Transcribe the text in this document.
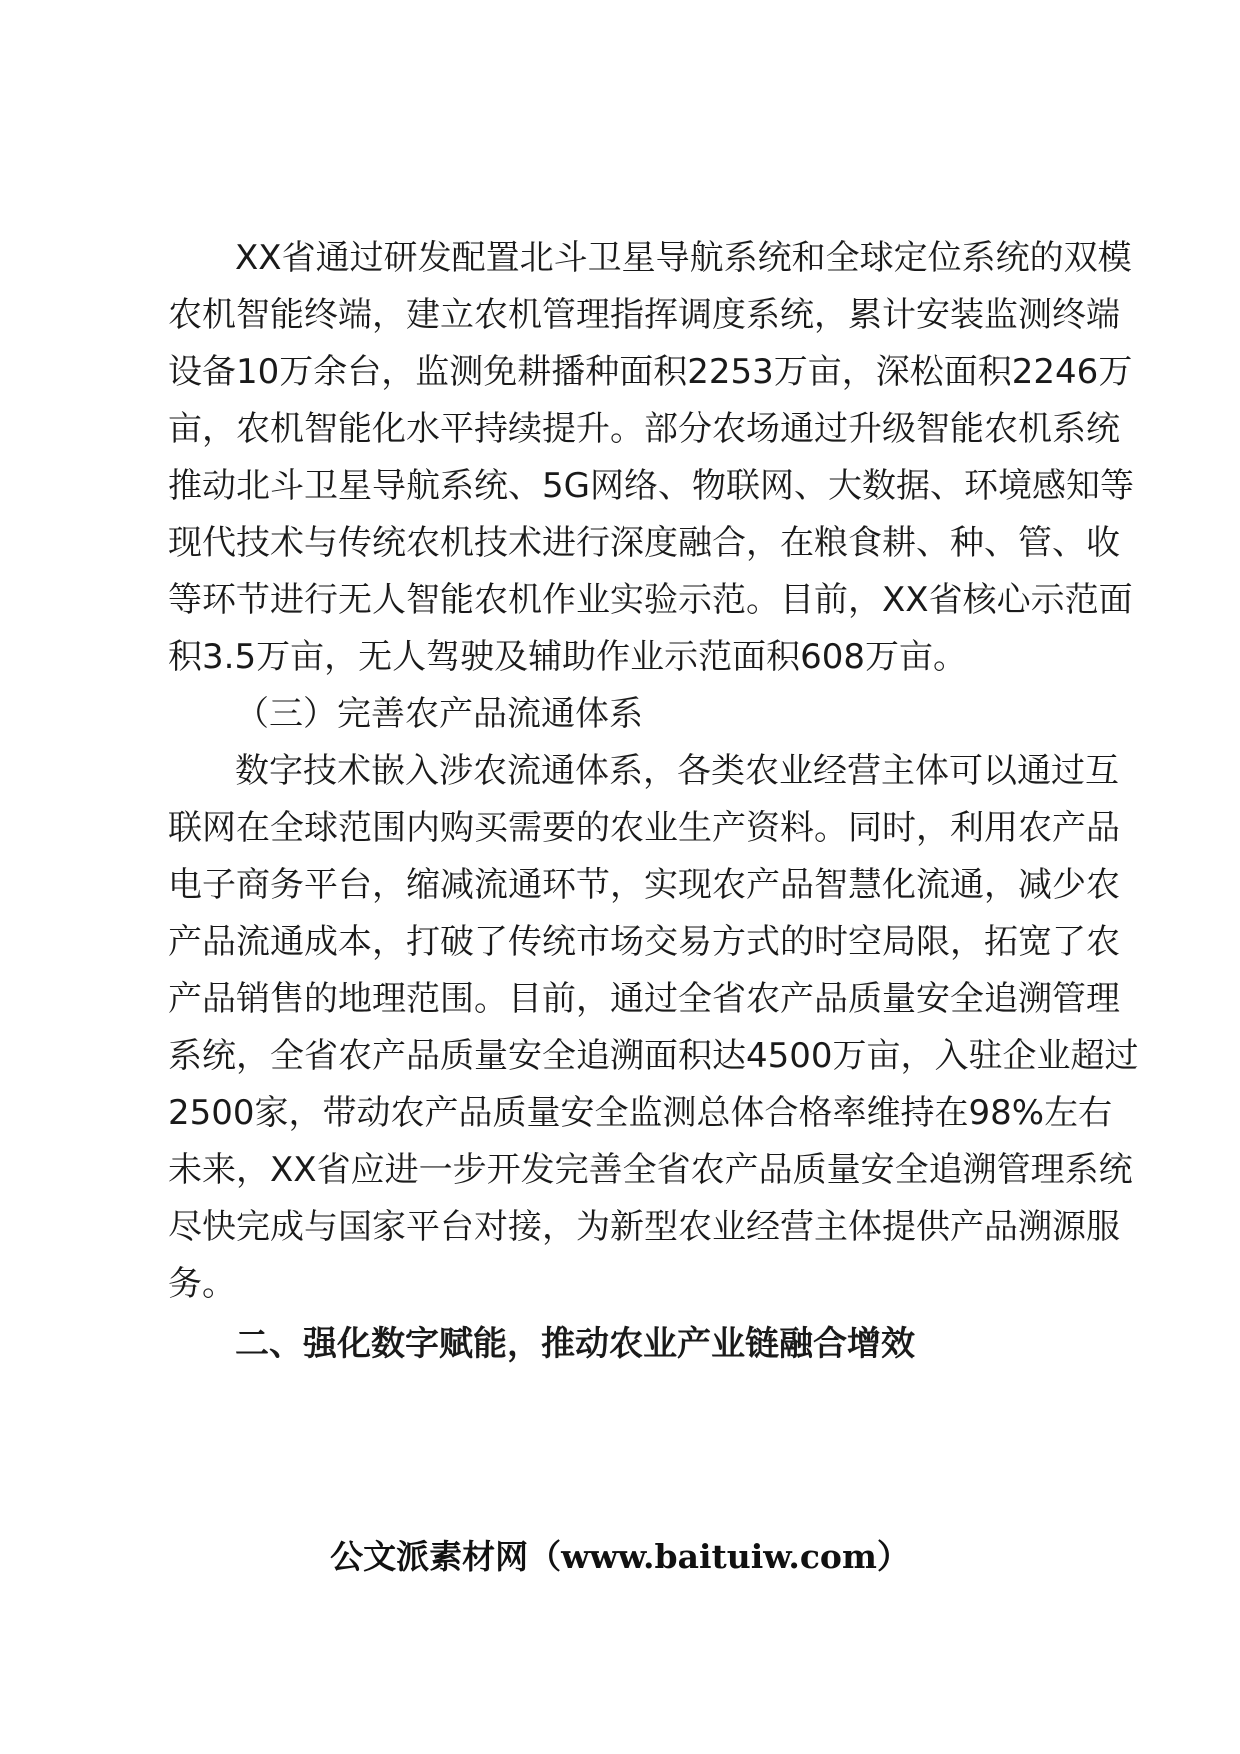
XX省通过研发配置北斗卫星导航系统和全球定位系统的双模
农机智能终端，建立农机管理指挥调度系统，累计安装监测终端
设备10万余台，监测免耕播种面积2253万亩，深松面积2246万
亩，农机智能化水平持续提升。部分农场通过升级智能农机系统
推动北斗卫星导航系统、5G网络、物联网、大数据、环境感知等
现代技术与传统农机技术进行深度融合，在粮食耕、种、管、收
等环节进行无人智能农机作业实验示范。目前，XX省核心示范面
积3.5万亩，无人驾驶及辅助作业示范面积608万亩。
（三）完善农产品流通体系
数字技术嵌入涉农流通体系，各类农业经营主体可以通过互
联网在全球范围内购买需要的农业生产资料。同时，利用农产品
电子商务平台，缩减流通环节，实现农产品智慧化流通，减少农
产品流通成本，打破了传统市场交易方式的时空局限，拓宽了农
产品销售的地理范围。目前，通过全省农产品质量安全追溯管理
系统，全省农产品质量安全追溯面积达4500万亩，入驻企业超过
2500家，带动农产品质量安全监测总体合格率维持在98%左右
未来，XX省应进一步开发完善全省农产品质量安全追溯管理系统
尽快完成与国家平台对接，为新型农业经营主体提供产品溯源服
务。
二、强化数字赋能，推动农业产业链融合增效
公文派素材网（www.baituiw.com）
